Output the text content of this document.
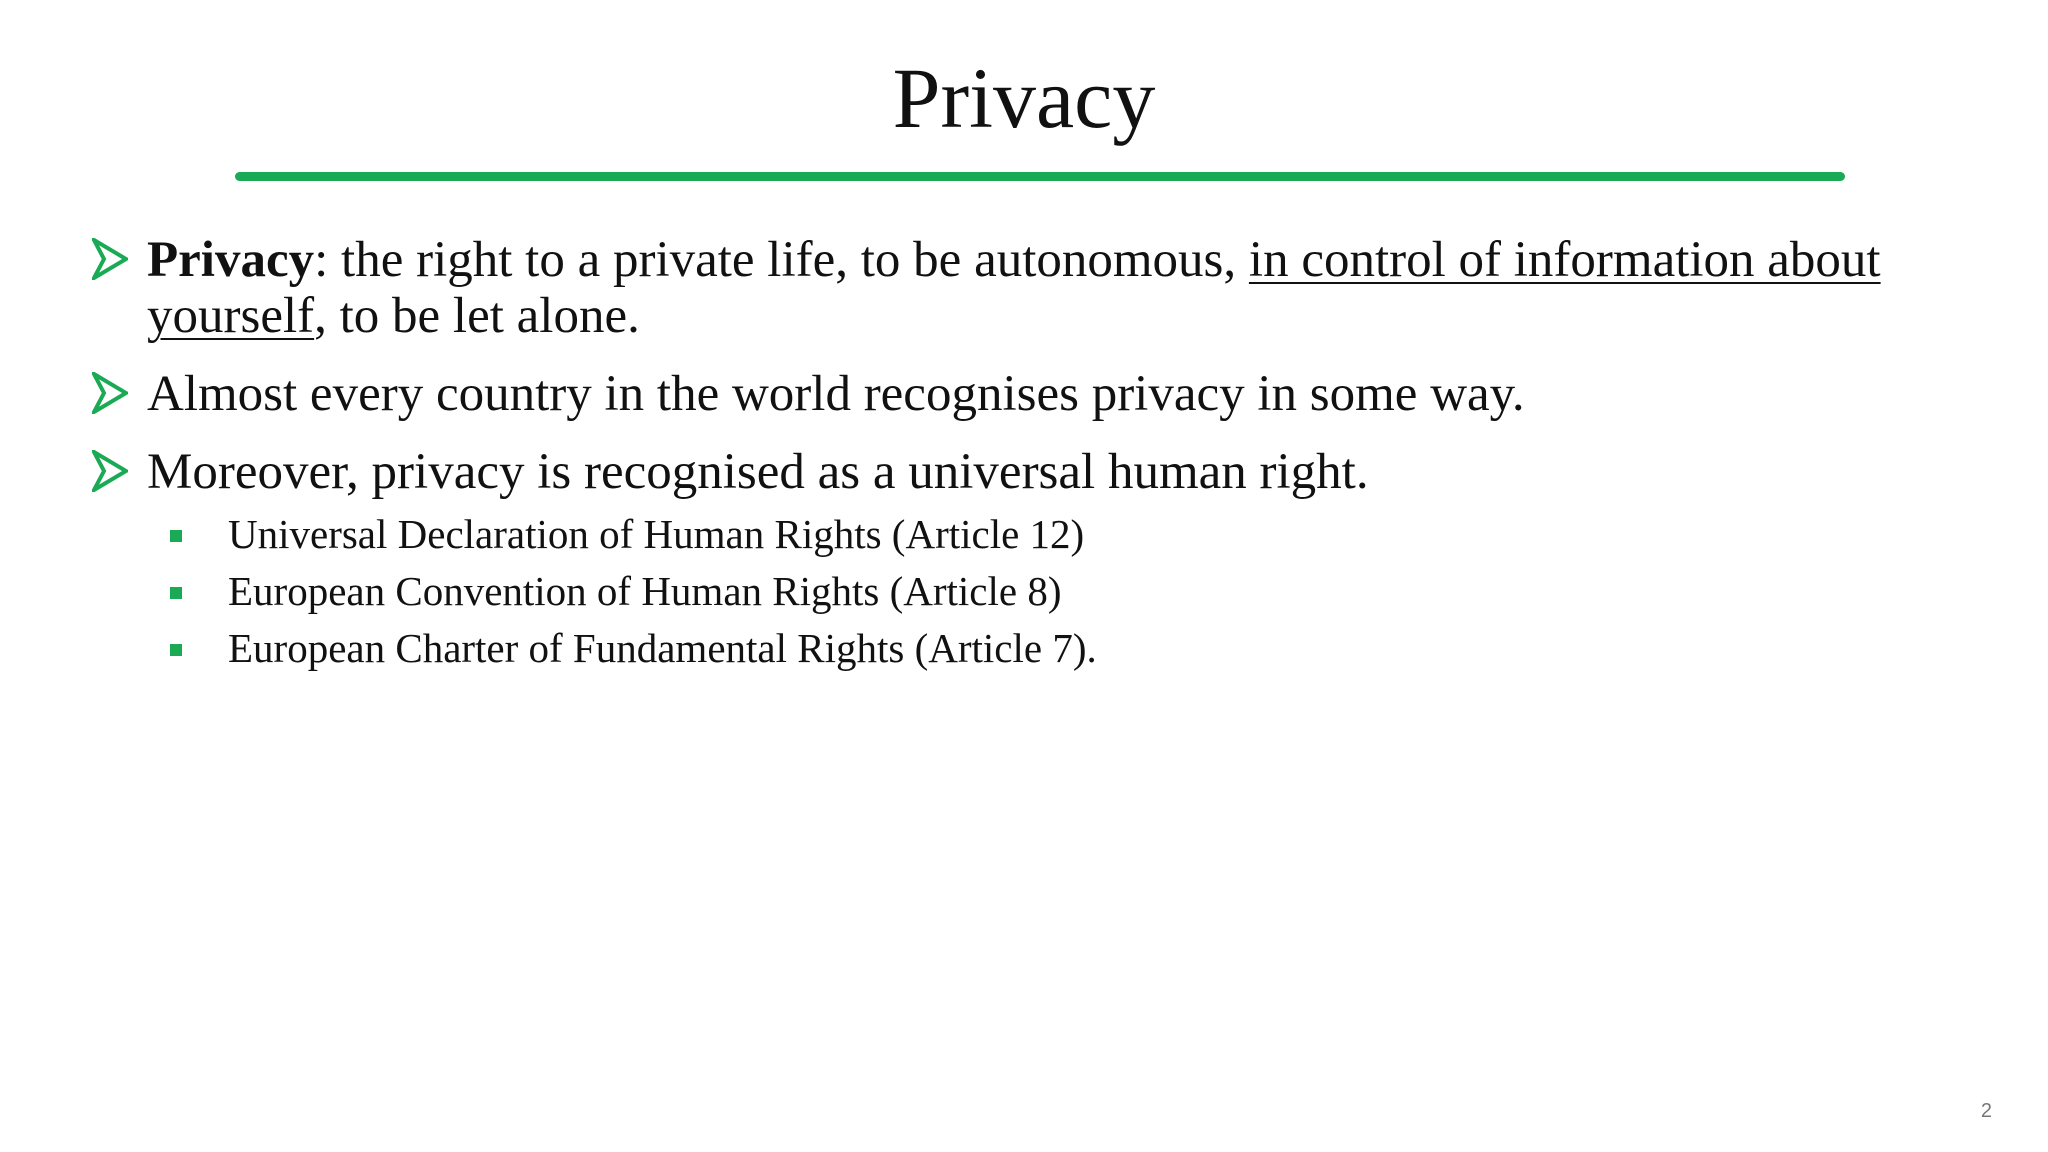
Privacy
Privacy: the right to a private life, to be autonomous, in control of information about yourself, to be let alone.
Almost every country in the world recognises privacy in some way.
Moreover, privacy is recognised as a universal human right.
Universal Declaration of Human Rights (Article 12)
European Convention of Human Rights (Article 8)
European Charter of Fundamental Rights (Article 7).
2
